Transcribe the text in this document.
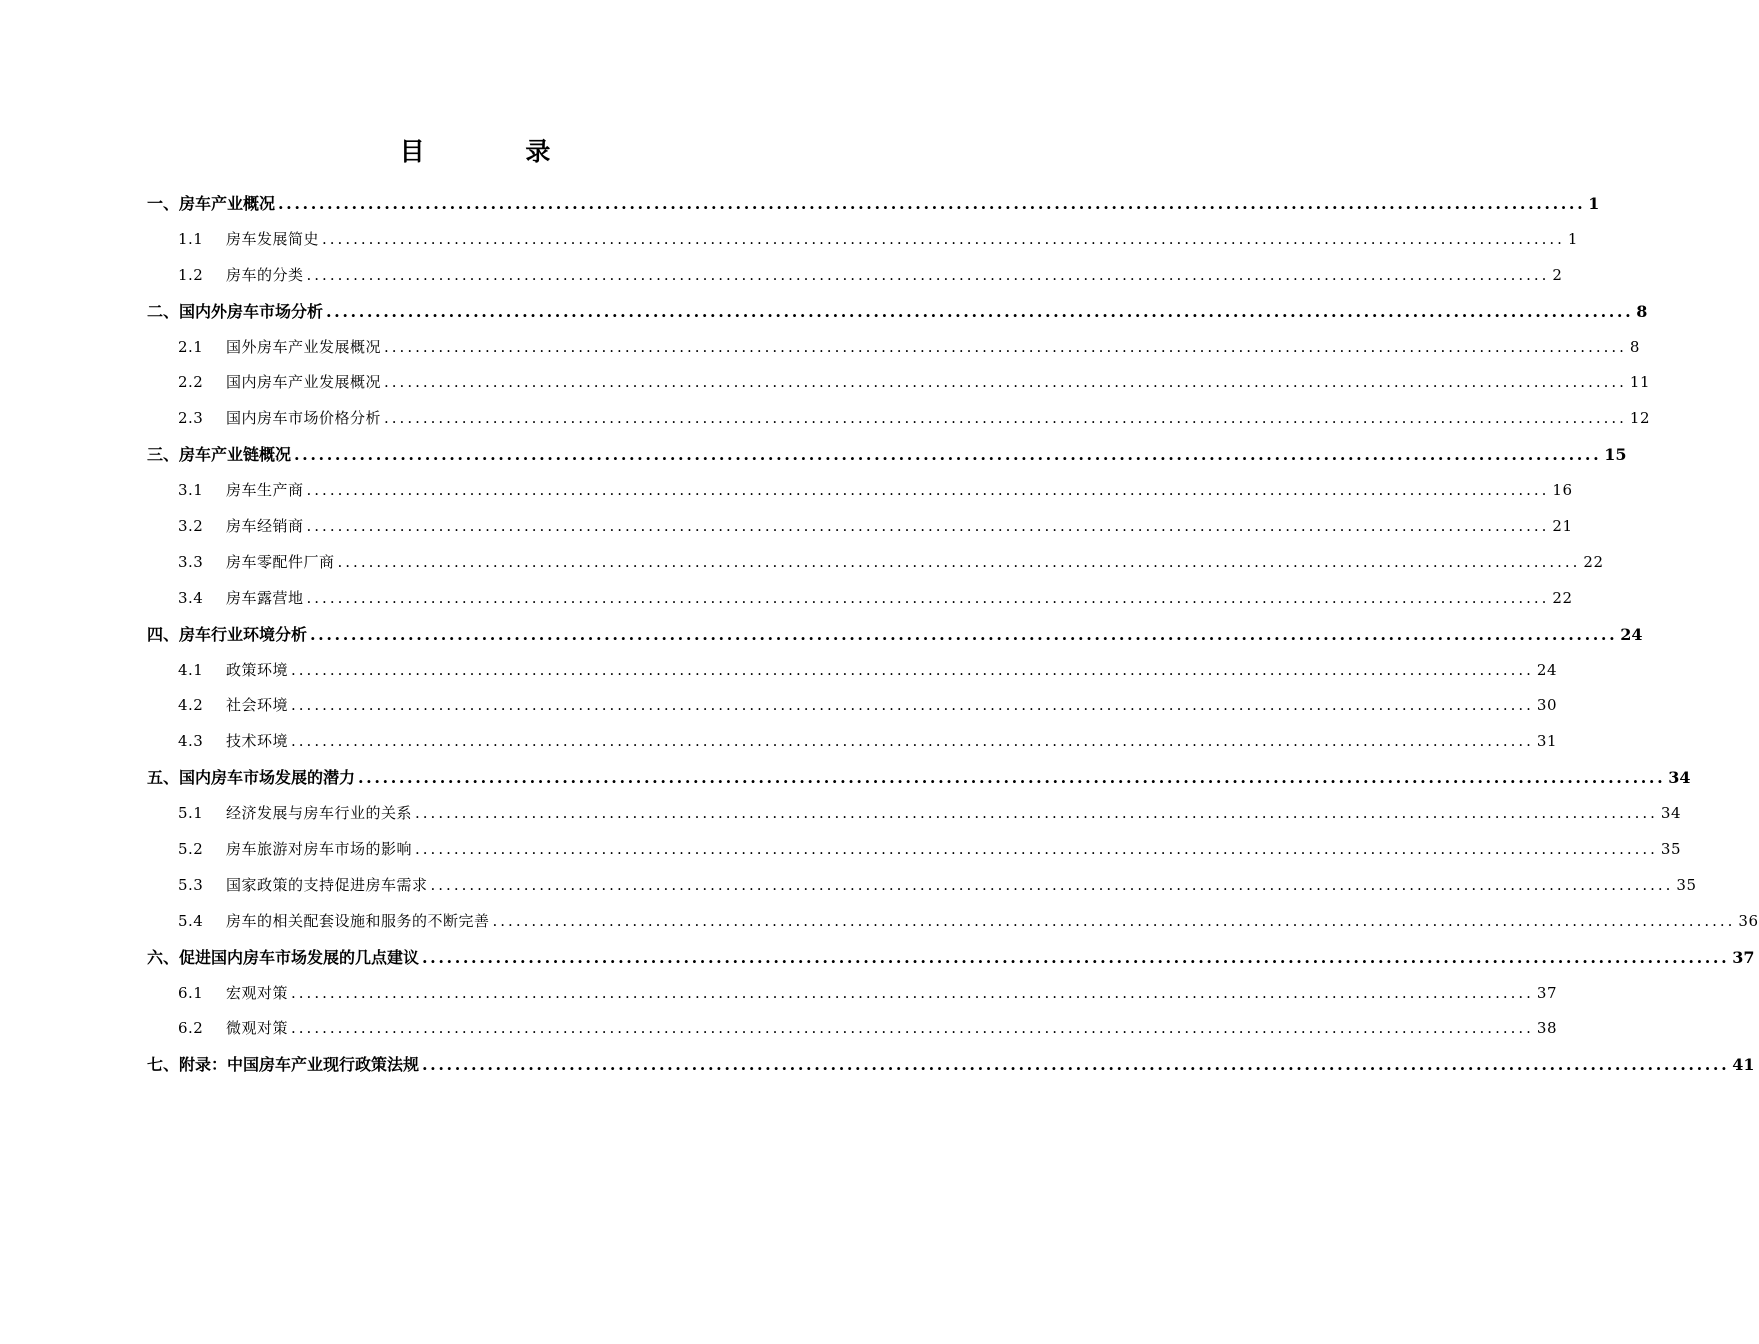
目 录
一、房车产业概况 ................................................................................................................................................................ 1
1.1	房车发展简史 ................................................................................................................................................................ 1
1.2	房车的分类 ................................................................................................................................................................ 2
二、国内外房车市场分析 ................................................................................................................................................................ 8
2.1	国外房车产业发展概况 ................................................................................................................................................................ 8
2.2	国内房车产业发展概况 ................................................................................................................................................................ 11
2.3	国内房车市场价格分析 ................................................................................................................................................................ 12
三、房车产业链概况 ................................................................................................................................................................ 15
3.1	房车生产商 ................................................................................................................................................................ 16
3.2	房车经销商 ................................................................................................................................................................ 21
3.3	房车零配件厂商 ................................................................................................................................................................ 22
3.4	房车露营地 ................................................................................................................................................................ 22
四、房车行业环境分析 ................................................................................................................................................................ 24
4.1	政策环境 ................................................................................................................................................................ 24
4.2	社会环境 ................................................................................................................................................................ 30
4.3	技术环境 ................................................................................................................................................................ 31
五、国内房车市场发展的潜力 ................................................................................................................................................................ 34
5.1	经济发展与房车行业的关系 ................................................................................................................................................................ 34
5.2	房车旅游对房车市场的影响 ................................................................................................................................................................ 35
5.3	国家政策的支持促进房车需求 ................................................................................................................................................................ 35
5.4	房车的相关配套设施和服务的不断完善 ................................................................................................................................................................ 36
六、促进国内房车市场发展的几点建议 ................................................................................................................................................................ 37
6.1	宏观对策 ................................................................................................................................................................ 37
6.2	微观对策 ................................................................................................................................................................ 38
七、附录：中国房车产业现行政策法规 ................................................................................................................................................................ 41
